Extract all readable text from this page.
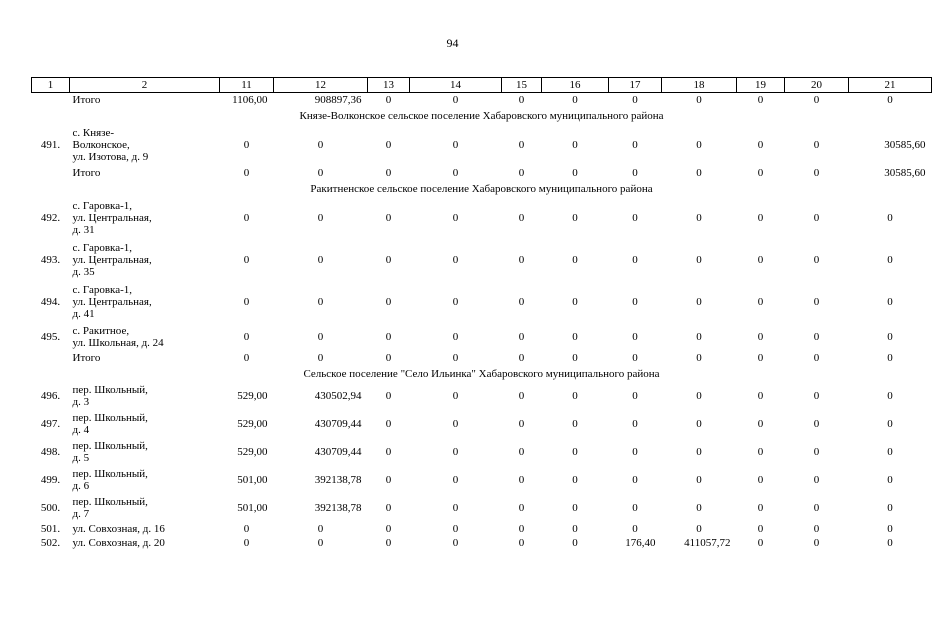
94
1	2	11	12	13	14	15	16	17	18	19	20	21
	Итого	1106,00	908897,36	0	0	0	0	0	0	0	0	0
Князе-Волконское сельское поселение Хабаровского муниципального района												
491.	с. Князе-
Волконское,
ул. Изотова, д. 9	0	0	0	0	0	0	0	0	0	0	30585,60
	Итого	0	0	0	0	0	0	0	0	0	0	30585,60
Ракитненское сельское поселение Хабаровского муниципального района												
492.	с. Гаровка-1,
ул. Центральная,
д. 31	0	0	0	0	0	0	0	0	0	0	0
493.	с. Гаровка-1,
ул. Центральная,
д. 35	0	0	0	0	0	0	0	0	0	0	0
494.	с. Гаровка-1,
ул. Центральная,
д. 41	0	0	0	0	0	0	0	0	0	0	0
495.	с. Ракитное,
ул. Школьная, д. 24	0	0	0	0	0	0	0	0	0	0	0
	Итого	0	0	0	0	0	0	0	0	0	0	0
Сельское поселение "Село Ильинка" Хабаровского муниципального района												
496.	пер. Школьный,
д. 3	529,00	430502,94	0	0	0	0	0	0	0	0	0
497.	пер. Школьный,
д. 4	529,00	430709,44	0	0	0	0	0	0	0	0	0
498.	пер. Школьный,
д. 5	529,00	430709,44	0	0	0	0	0	0	0	0	0
499.	пер. Школьный,
д. 6	501,00	392138,78	0	0	0	0	0	0	0	0	0
500.	пер. Школьный,
д. 7	501,00	392138,78	0	0	0	0	0	0	0	0	0
501.	ул. Совхозная, д. 16	0	0	0	0	0	0	0	0	0	0	0
502.	ул. Совхозная, д. 20	0	0	0	0	0	0	176,40	411057,72	0	0	0
